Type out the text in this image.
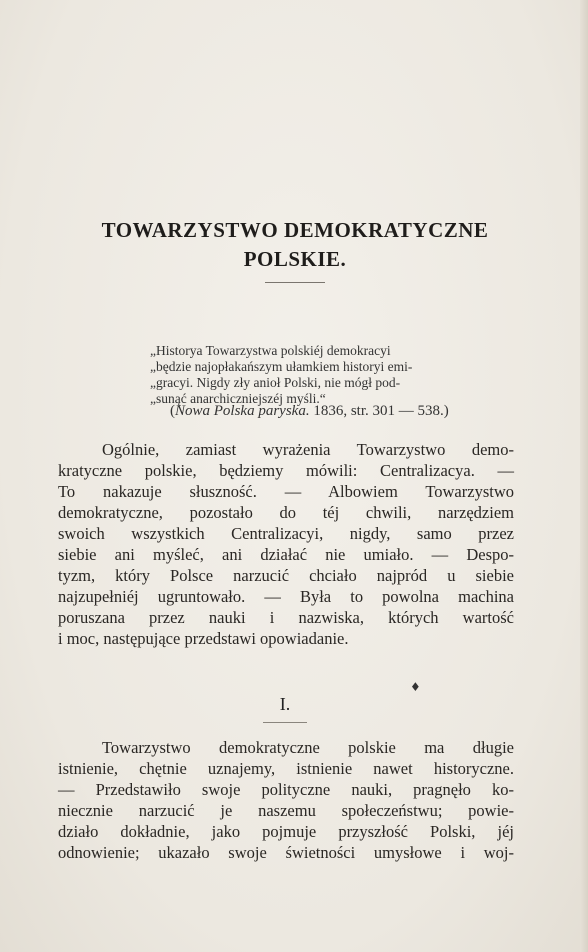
TOWARZYSTWO DEMOKRATYCZNE
POLSKIE.
„Historya Towarzystwa polskiéj demokracyi
„będzie najopłakańszym ułamkiem historyi emi-
„gracyi. Nigdy zły anioł Polski, nie mógł pod-
„sunąć anarchiczniejszéj myśli.“
(Nowa Polska paryska. 1836, str. 301 — 538.)
Ogólnie, zamiast wyrażenia Towarzystwo demo-
kratyczne polskie, będziemy mówili: Centralizacya. —
To nakazuje słuszność. — Albowiem Towarzystwo
demokratyczne, pozostało do téj chwili, narzędziem
swoich wszystkich Centralizacyi, nigdy, samo przez
siebie ani myśleć, ani działać nie umiało. — Despo-
tyzm, który Polsce narzucić chciało najpród u siebie
najzupełniéj ugruntowało. — Była to powolna machina
poruszana przez nauki i nazwiska, których wartość
i moc, następujące przedstawi opowiadanie.
♦
I.
Towarzystwo demokratyczne polskie ma długie
istnienie, chętnie uznajemy, istnienie nawet historyczne.
— Przedstawiło swoje polityczne nauki, pragnęło ko-
niecznie narzucić je naszemu społeczeństwu; powie-
działo dokładnie, jako pojmuje przyszłość Polski, jéj
odnowienie; ukazało swoje świetności umysłowe i woj-
